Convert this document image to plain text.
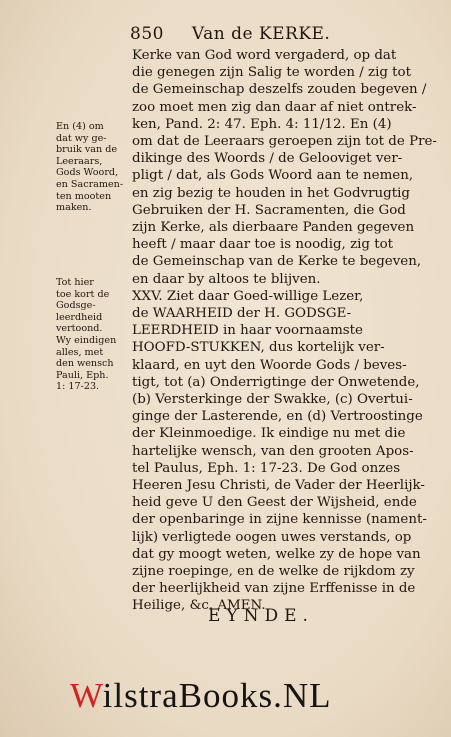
850 Van de KERKE.
Kerke van God word vergaderd, op dat
die genegen zijn Salig te worden / zig tot
de Gemeinschap deszelfs zouden begeven /
zoo moet men zig dan daar af niet ontrek-
ken, Pand. 2: 47. Eph. 4: 11/12. En (4)
om dat de Leeraars geroepen zijn tot de Pre-
dikinge des Woords / de Gelooviget ver-
pligt / dat, als Gods Woord aan te nemen,
en zig bezig te houden in het Godvrugtig
Gebruiken der H. Sacramenten, die God
zijn Kerke, als dierbaare Panden gegeven
heeft / maar daar toe is noodig, zig tot
de Gemeinschap van de Kerke te begeven,
en daar by altoos te blijven.
XXV. Ziet daar Goed-willige Lezer,
de WAARHEID der H. GODSGE-
LEERDHEID in haar voornaamste
HOOFD-STUKKEN, dus kortelijk ver-
klaard, en uyt den Woorde Gods / beves-
tigt, tot (a) Onderrigtinge der Onwetende,
(b) Versterkinge der Swakke, (c) Overtui-
ginge der Lasterende, en (d) Vertroostinge
der Kleinmoedige. Ik eindige nu met die
hartelijke wensch, van den grooten Apos-
tel Paulus, Eph. 1: 17-23. De God onzes
Heeren Jesu Christi, de Vader der Heerlijk-
heid geve U den Geest der Wijsheid, ende
der openbaringe in zijne kennisse (nament-
lijk) verligtede oogen uwes verstands, op
dat gy moogt weten, welke zy de hope van
zijne roepinge, en de welke de rijkdom zy
der heerlijkheid van zijne Erffenisse in de
Heilige, &c. AMEN.
En (4) om
dat wy ge-
bruik van de
Leeraars,
Gods Woord,
en Sacramen-
ten mooten
maken.
Tot hier
toe kort de
Godsge-
leerdheid
vertoond.
Wy eindigen
alles, met
den wensch
Pauli, Eph.
1: 17-23.
EYNDE.
WilstraBooks.NL
